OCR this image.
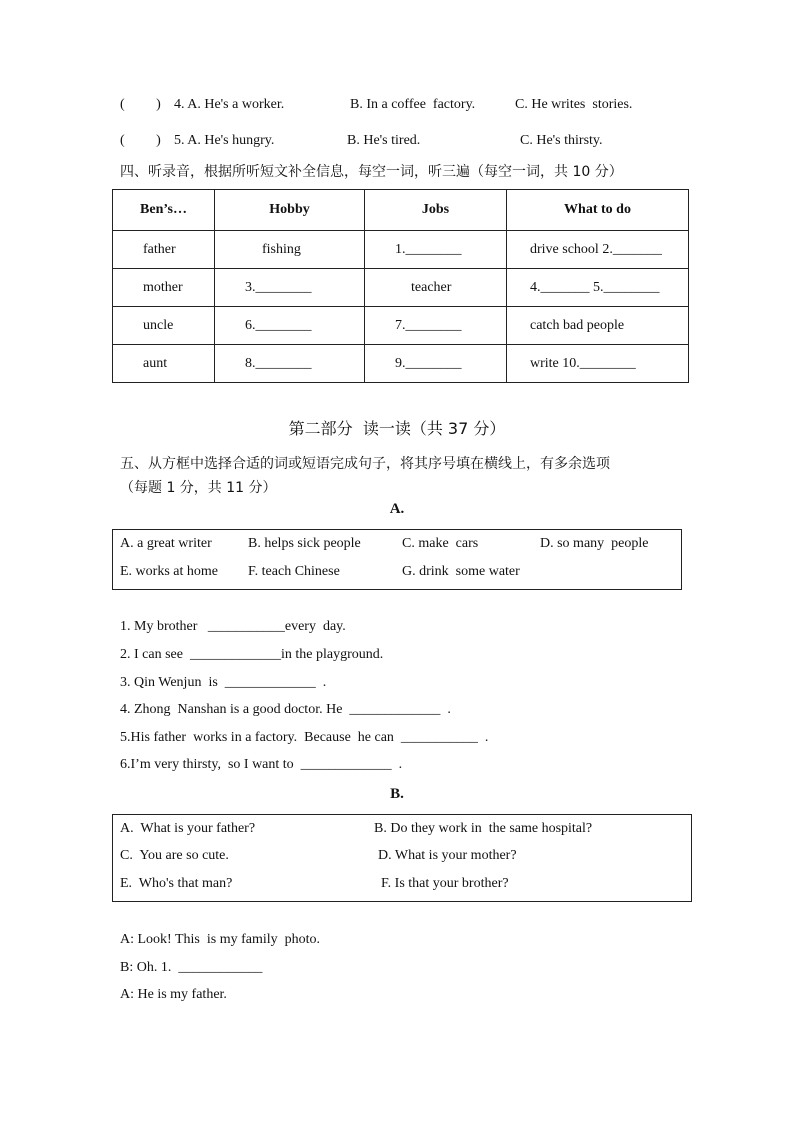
(         ) 4. A. He's a worker.	B. In a coffee  factory.	C. He writes  stories.
(         ) 5. A. He's hungry.	B. He's tired.	C. He's thirsty.
四、听录音，根据所听短文补全信息，每空一词，听三遍（每空一词，共 10 分）
Ben’s…	Hobby	Jobs	What to do
father	fishing	1.________	drive school 2._______
mother	3.________	teacher	4._______ 5.________
uncle	6.________	7.________	catch bad people
aunt	8.________	9.________	write 10.________
第二部分  读一读（共 37 分）
五、从方框中选择合适的词或短语完成句子，将其序号填在横线上，有多余选项
（每题 1 分，共 11 分）
A.
A. a great writer	B. helps sick people	C. make  cars	D. so many  people
E. works at home F. teach Chinese	G. drink  some water
1. My brother   ___________every  day.
2. I can see  _____________in the playground.
3. Qin Wenjun  is  _____________  .
4. Zhong  Nanshan is a good doctor. He  _____________  .
5.His father  works in a factory.  Because  he can  ___________  .
6.I’m very thirsty,  so I want to  _____________  .
B.
A.  What is your father?	B. Do they work in  the same hospital?
C.  You are so cute.	D. What is your mother?
E.  Who's that man?	F. Is that your brother?
A: Look! This  is my family  photo.
B: Oh. 1.  ____________
A: He is my father.
